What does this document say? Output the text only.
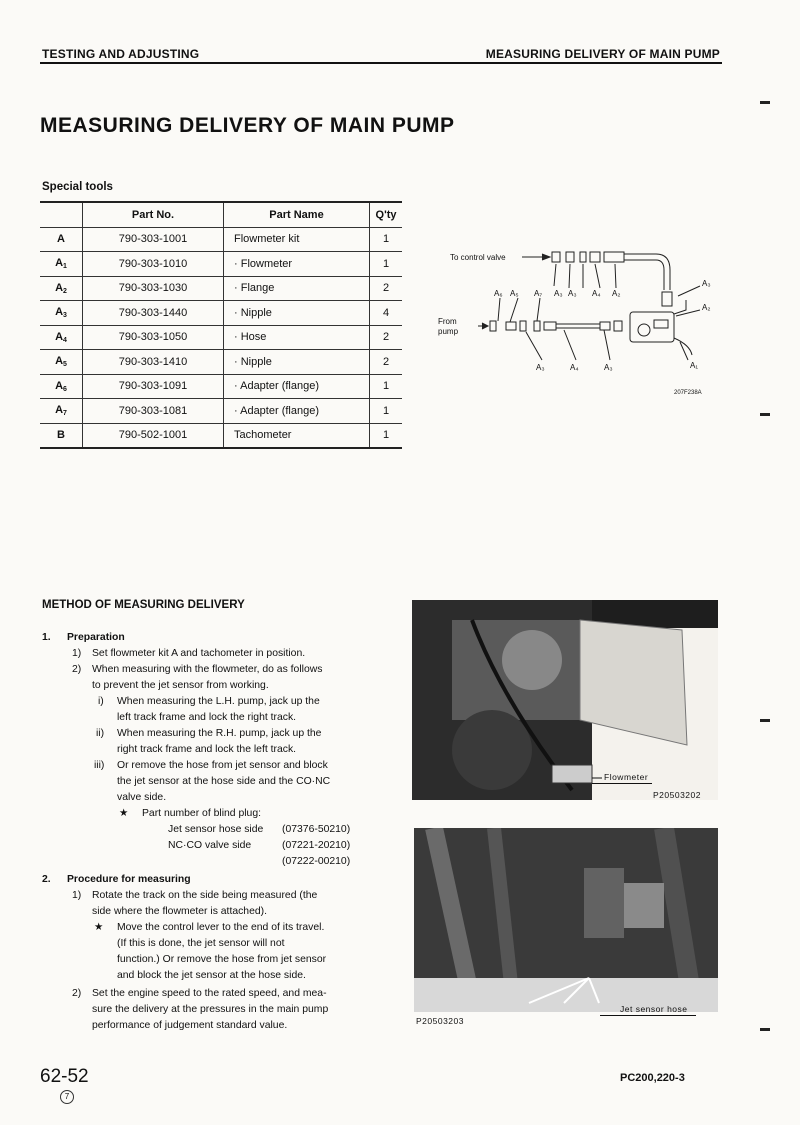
TESTING AND ADJUSTING	MEASURING DELIVERY OF MAIN PUMP
MEASURING DELIVERY OF MAIN PUMP
Special tools
	Part No.	Part Name	Q'ty
A	790-303-1001	Flowmeter kit	1
$A_1$	790-303-1010	· Flowmeter	1
$A_2$	790-303-1030	· Flange	2
$A_3$	790-303-1440	· Nipple	4
$A_4$	790-303-1050	· Hose	2
$A_5$	790-303-1410	· Nipple	2
$A_6$	790-303-1091	· Adapter (flange)	1
$A_7$	790-303-1081	· Adapter (flange)	1
B	790-502-1001	Tachometer	1
To control valve
From
pump
A₆ A₅ A₇ A₃ A₃ A₄ A₂
A₃
A₂
A₃	A₄	A₃	A₁
207F238A
METHOD OF MEASURING DELIVERY
1. Preparation
1) Set flowmeter kit A and tachometer in position.
2) When measuring with the flowmeter, do as follows
to prevent the jet sensor from working.
i) When measuring the L.H. pump, jack up the
left track frame and lock the right track.
ii) When measuring the R.H. pump, jack up the
right track frame and lock the left track.
iii) Or remove the hose from jet sensor and block
the jet sensor at the hose side and the CO·NC
valve side.
★ Part number of blind plug:
Jet sensor hose side (07376-50210)
NC·CO valve side	(07221-20210)
(07222-00210)
2. Procedure for measuring
1) Rotate the track on the side being measured (the
side where the flowmeter is attached).
★ Move the control lever to the end of its travel.
(If this is done, the jet sensor will not
function.) Or remove the hose from jet sensor
and block the jet sensor at the hose side.
2) Set the engine speed to the rated speed, and mea-
sure the delivery at the pressures in the main pump
performance of judgement standard value.
Flowmeter
P20503202
Jet sensor hose
P20503203
62-52
7
PC200,220-3
